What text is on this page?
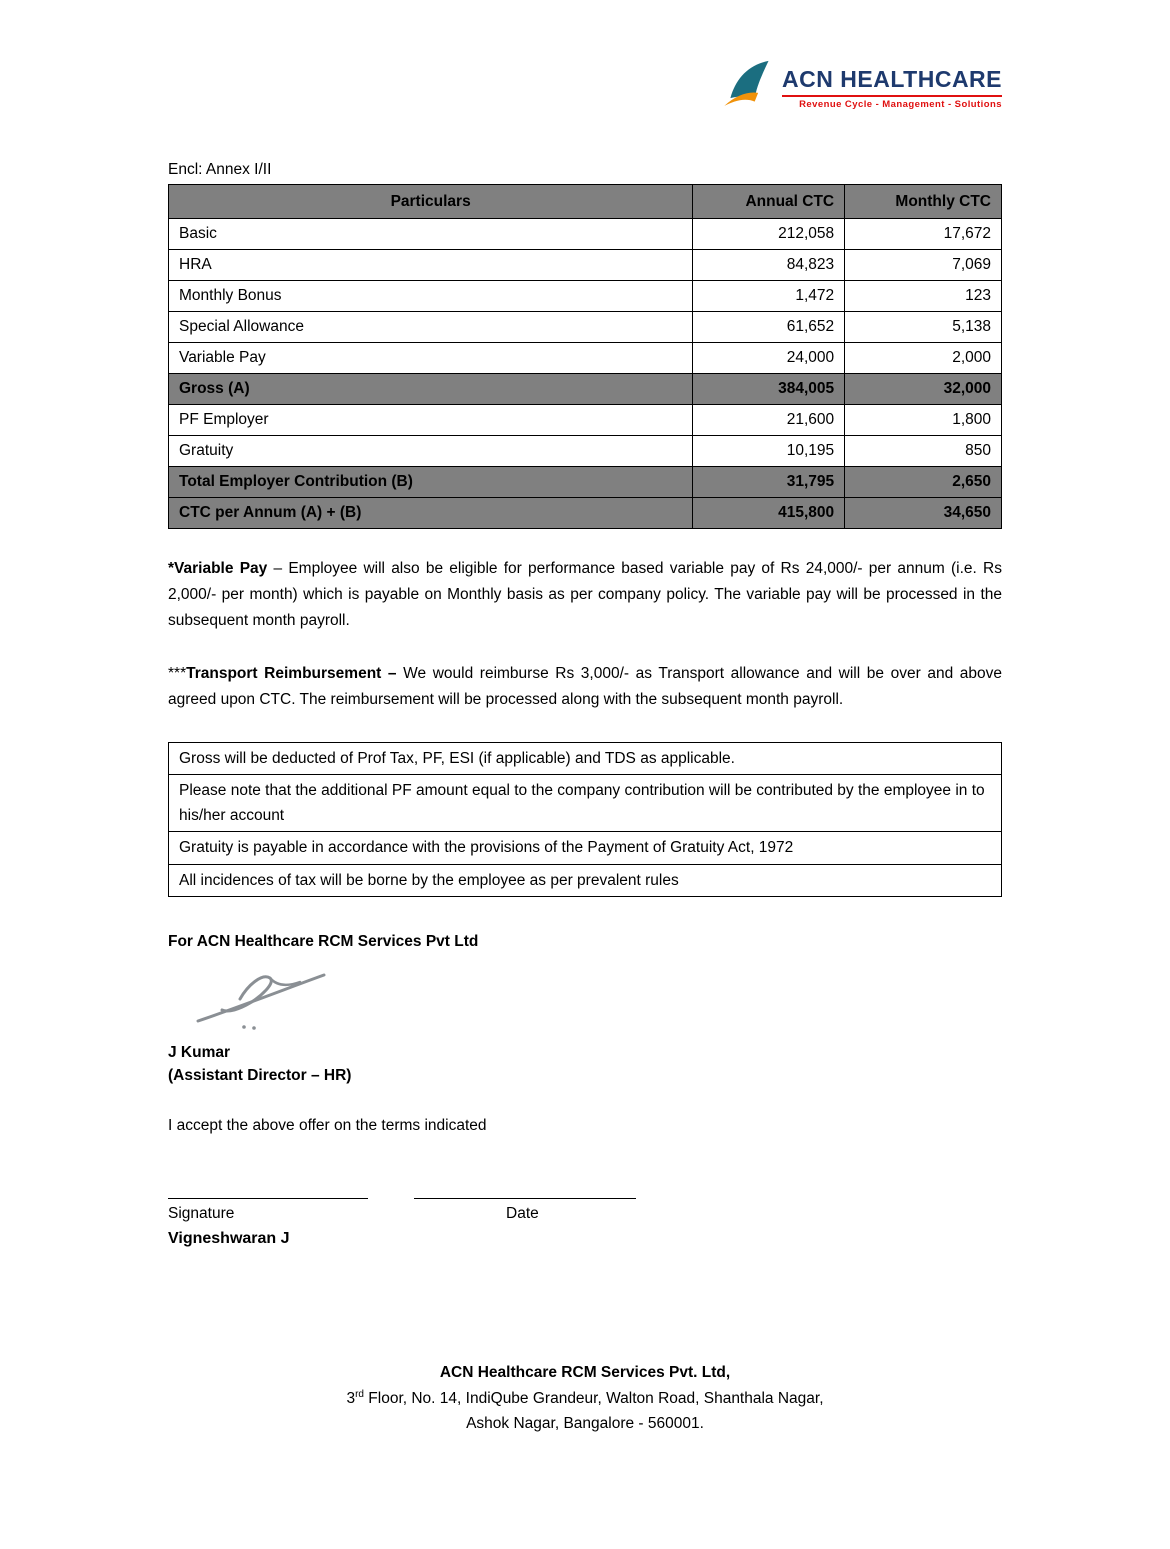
ACN HEALTHCARE
Revenue Cycle - Management - Solutions
Encl: Annex I/II
Particulars	Annual CTC	Monthly CTC
Basic	212,058	17,672
HRA	84,823	7,069
Monthly Bonus	1,472	123
Special Allowance	61,652	5,138
Variable Pay	24,000	2,000
Gross (A)	384,005	32,000
PF Employer	21,600	1,800
Gratuity	10,195	850
Total Employer Contribution (B)	31,795	2,650
CTC per Annum (A) + (B)	415,800	34,650
*Variable Pay – Employee will also be eligible for performance based variable pay of Rs 24,000/- per annum (i.e. Rs 2,000/- per month) which is payable on Monthly basis as per company policy. The variable pay will be processed in the subsequent month payroll.
***Transport Reimbursement – We would reimburse Rs 3,000/- as Transport allowance and will be over and above agreed upon CTC. The reimbursement will be processed along with the subsequent month payroll.
Gross will be deducted of Prof Tax, PF, ESI (if applicable) and TDS as applicable.
Please note that the additional PF amount equal to the company contribution will be contributed by the employee in to his/her account
Gratuity is payable in accordance with the provisions of the Payment of Gratuity Act, 1972
All incidences of tax will be borne by the employee as per prevalent rules
For ACN Healthcare RCM Services Pvt Ltd
J Kumar
(Assistant Director – HR)
I accept the above offer on the terms indicated
Signature	Date
Vigneshwaran J
ACN Healthcare RCM Services Pvt. Ltd,
3rd Floor, No. 14, IndiQube Grandeur, Walton Road, Shanthala Nagar,
Ashok Nagar, Bangalore - 560001.
